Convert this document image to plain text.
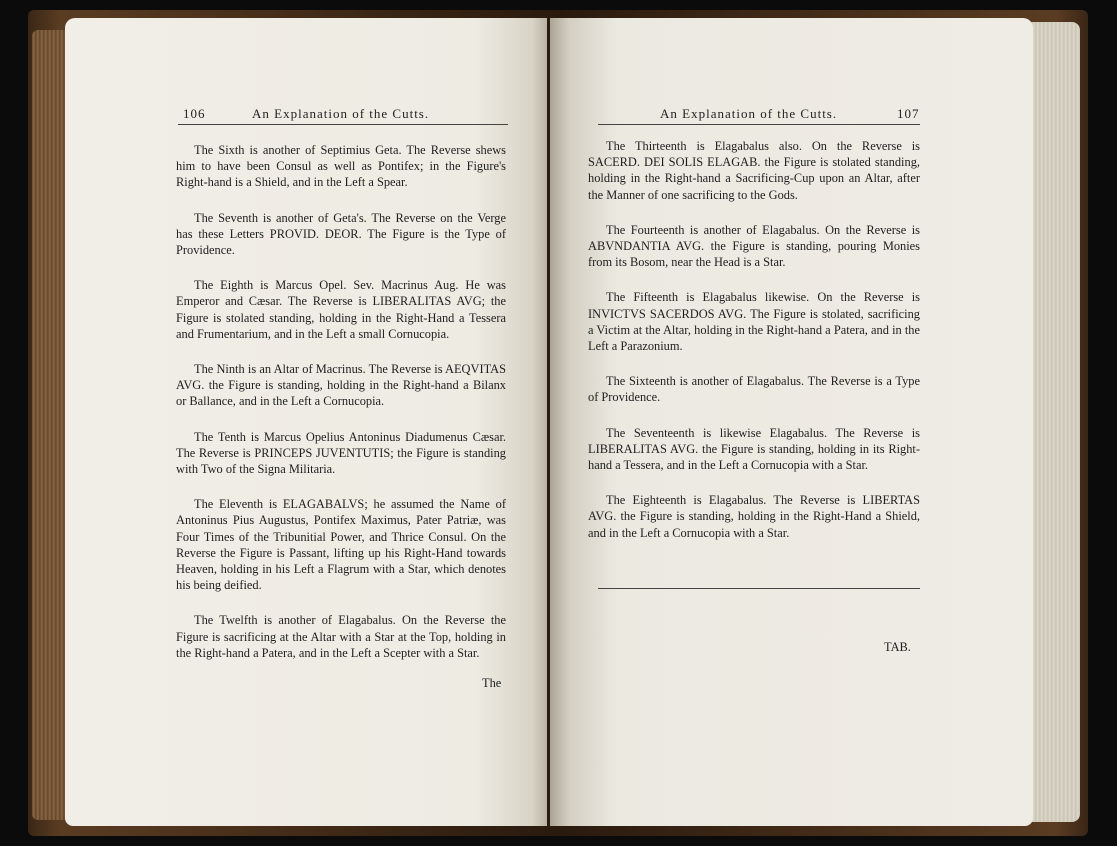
106	An Explanation of the Cutts.

The Sixth is another of Septimius Geta. The Reverse shews him to have been Consul as well as Pontifex; in the Figure's Right-hand is a Shield, and in the Left a Spear.

The Seventh is another of Geta's. The Reverse on the Verge has these Letters PROVID. DEOR. The Figure is the Type of Providence.

The Eighth is Marcus Opel. Sev. Macrinus Aug. He was Emperor and Cæsar. The Reverse is LIBERALITAS AVG; the Figure is stolated standing, holding in the Right-Hand a Tessera and Frumentarium, and in the Left a small Cornucopia.

The Ninth is an Altar of Macrinus. The Reverse is AEQVITAS AVG. the Figure is standing, holding in the Right-hand a Bilanx or Ballance, and in the Left a Cornucopia.

The Tenth is Marcus Opelius Antoninus Diadumenus Cæsar. The Reverse is PRINCEPS JUVENTUTIS; the Figure is standing with Two of the Signa Militaria.

The Eleventh is ELAGABALVS; he assumed the Name of Antoninus Pius Augustus, Pontifex Maximus, Pater Patriæ, was Four Times of the Tribunitial Power, and Thrice Consul. On the Reverse the Figure is Passant, lifting up his Right-Hand towards Heaven, holding in his Left a Flagrum with a Star, which denotes his being deified.

The Twelfth is another of Elagabalus. On the Reverse the Figure is sacrificing at the Altar with a Star at the Top, holding in the Right-hand a Patera, and in the Left a Scepter with a Star.

The
An Explanation of the Cutts.	107

The Thirteenth is Elagabalus also. On the Reverse is SACERD. DEI SOLIS ELAGAB. the Figure is stolated standing, holding in the Right-hand a Sacrificing-Cup upon an Altar, after the Manner of one sacrificing to the Gods.

The Fourteenth is another of Elagabalus. On the Reverse is ABVNDANTIA AVG. the Figure is standing, pouring Monies from its Bosom, near the Head is a Star.

The Fifteenth is Elagabalus likewise. On the Reverse is INVICTVS SACERDOS AVG. The Figure is stolated, sacrificing a Victim at the Altar, holding in the Right-hand a Patera, and in the Left a Parazonium.

The Sixteenth is another of Elagabalus. The Reverse is a Type of Providence.

The Seventeenth is likewise Elagabalus. The Reverse is LIBERALITAS AVG. the Figure is standing, holding in its Right-hand a Tessera, and in the Left a Cornucopia with a Star.

The Eighteenth is Elagabalus. The Reverse is LIBERTAS AVG. the Figure is standing, holding in the Right-Hand a Shield, and in the Left a Cornucopia with a Star.

TAB.
